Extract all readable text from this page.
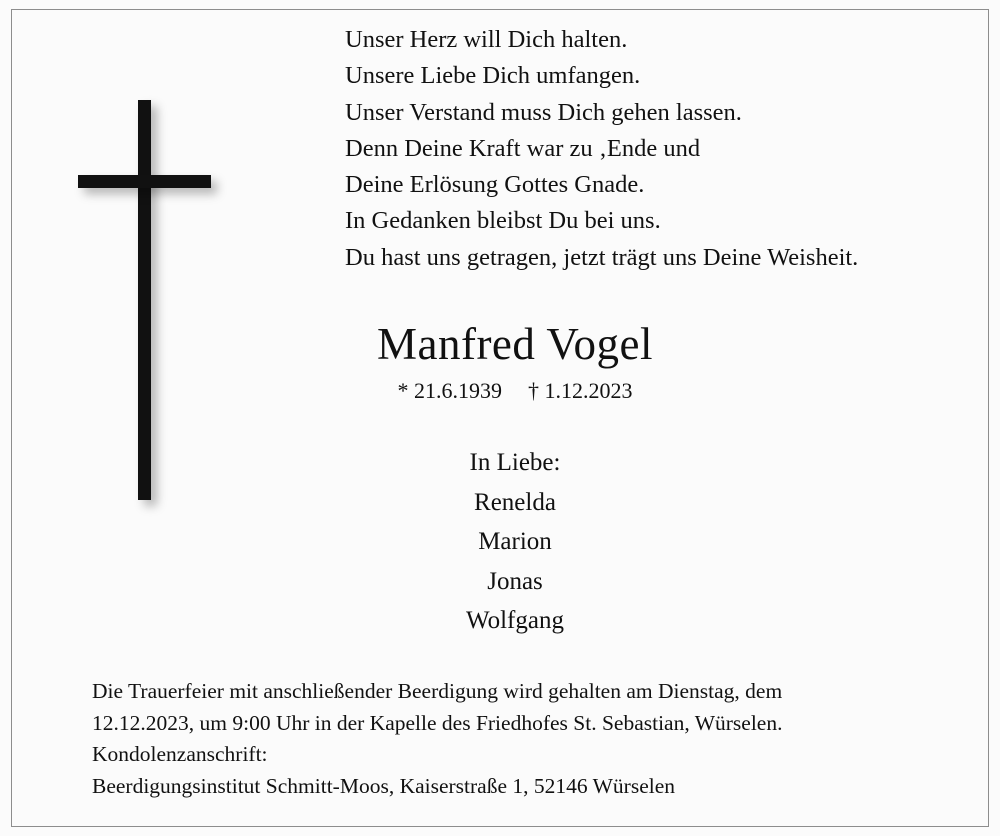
Unser Herz will Dich halten.
Unsere Liebe Dich umfangen.
Unser Verstand muss Dich gehen lassen.
Denn Deine Kraft war zu ‚Ende und
Deine Erlösung Gottes Gnade.
In Gedanken bleibst Du bei uns.
Du hast uns getragen, jetzt trägt uns Deine Weisheit.
Manfred Vogel
* 21.6.1939 † 1.12.2023
In Liebe:
Renelda
Marion
Jonas
Wolfgang
Die Trauerfeier mit anschließender Beerdigung wird gehalten am Dienstag, dem
12.12.2023, um 9:00 Uhr in der Kapelle des Friedhofes St. Sebastian, Würselen.
Kondolenzanschrift:
Beerdigungsinstitut Schmitt-Moos, Kaiserstraße 1, 52146 Würselen
